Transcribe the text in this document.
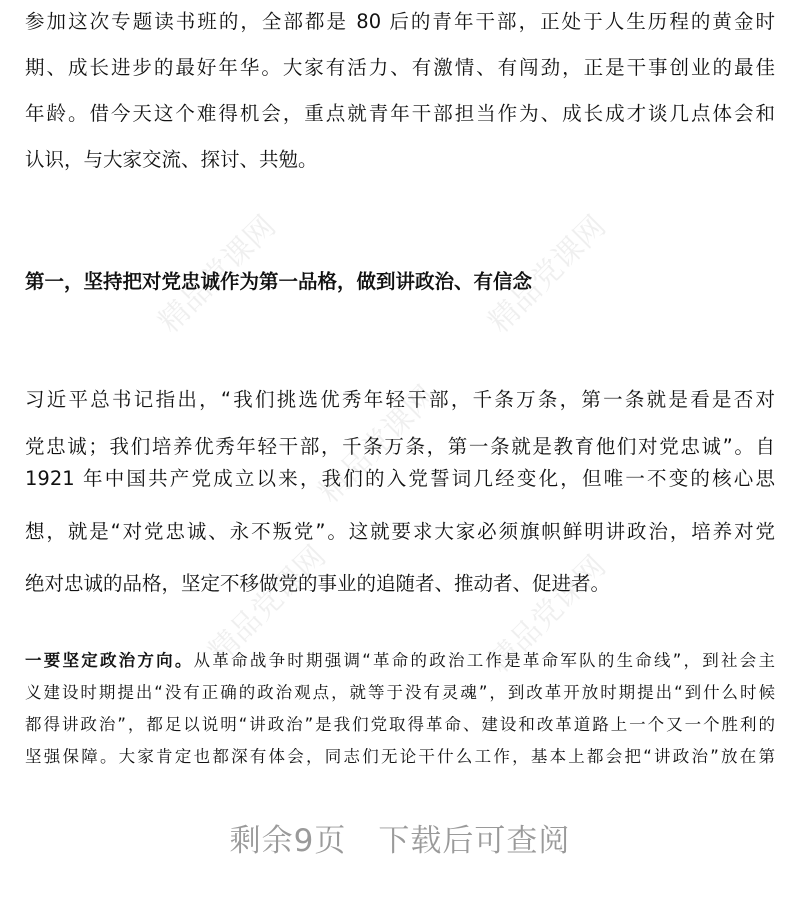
精品党课网	精品党课网
精品党课网
精品党课网	精品党课网
参加这次专题读书班的，全部都是 80 后的青年干部，正处于人生历程的黄金时
期、成长进步的最好年华。大家有活力、有激情、有闯劲，正是干事创业的最佳
年龄。借今天这个难得机会，重点就青年干部担当作为、成长成才谈几点体会和
认识，与大家交流、探讨、共勉。
第一，坚持把对党忠诚作为第一品格，做到讲政治、有信念
习近平总书记指出，“我们挑选优秀年轻干部，千条万条，第一条就是看是否对
党忠诚；我们培养优秀年轻干部，千条万条，第一条就是教育他们对党忠诚”。自
1921 年中国共产党成立以来，我们的入党誓词几经变化，但唯一不变的核心思
想，就是“对党忠诚、永不叛党”。这就要求大家必须旗帜鲜明讲政治，培养对党
绝对忠诚的品格，坚定不移做党的事业的追随者、推动者、促进者。
一要坚定政治方向。从革命战争时期强调“革命的政治工作是革命军队的生命线”，到社会主
义建设时期提出“没有正确的政治观点，就等于没有灵魂”，到改革开放时期提出“到什么时候
都得讲政治”，都足以说明“讲政治”是我们党取得革命、建设和改革道路上一个又一个胜利的
坚强保障。大家肯定也都深有体会，同志们无论干什么工作，基本上都会把“讲政治”放在第
剩余9页　下载后可查阅
